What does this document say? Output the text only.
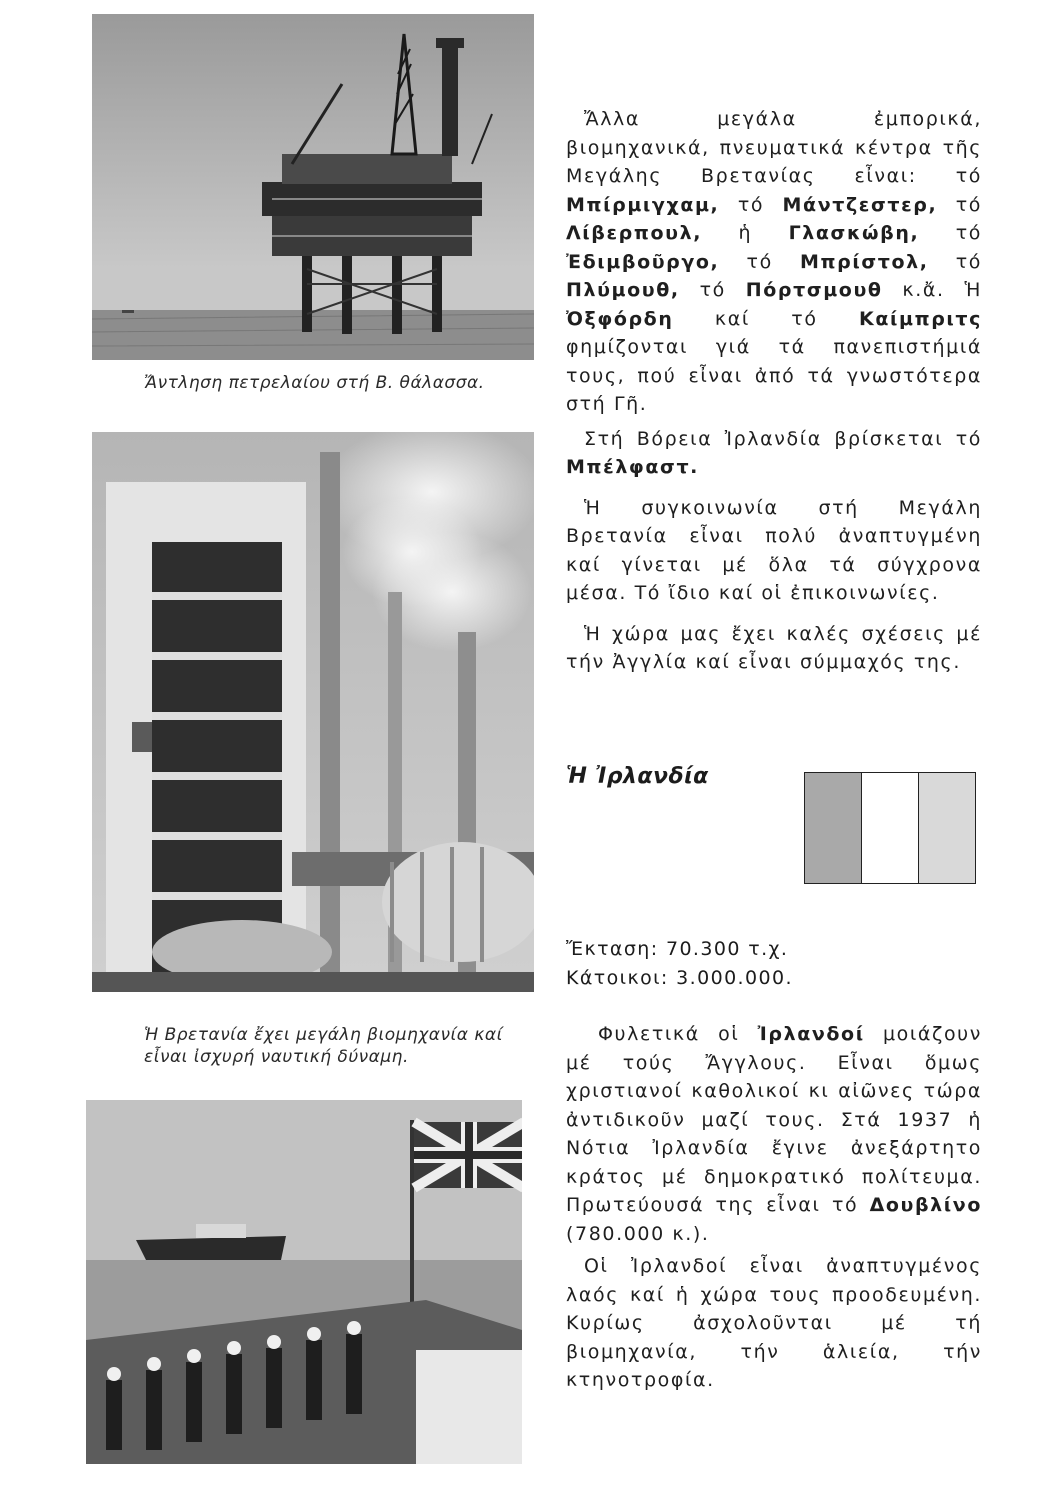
Ἄντληση πετρελαίου στή Β. θάλασσα.
Ἡ Βρετανία ἔχει μεγάλη βιομηχανία καί
εἶναι ἰσχυρή ναυτική δύναμη.

Ἄλλα μεγάλα ἐμπορικά, βιομηχανικά, πνευματικά κέντρα τῆς Μεγάλης Βρετανίας εἶναι: τό Μπίρμιγχαμ, τό Μάντζεστερ, τό Λίβερπουλ, ἡ Γλασκώβη, τό Ἐδιμβοῦργο, τό Μπρίστολ, τό Πλύμουθ, τό Πόρτσμουθ κ.ἄ. Ἡ Ὀξφόρδη καί τό Καίμπριτς φημίζονται γιά τά πανεπιστήμιά τους, πού εἶναι ἀπό τά γνωστότερα στή Γῆ.

Στή Βόρεια Ἰρλανδία βρίσκεται τό Μπέλφαστ.

Ἡ συγκοινωνία στή Μεγάλη Βρετανία εἶναι πολύ ἀναπτυγμένη καί γίνεται μέ ὅλα τά σύγχρονα μέσα. Τό ἴδιο καί οἱ ἐπικοινωνίες.

Ἡ χώρα μας ἔχει καλές σχέσεις μέ τήν Ἀγγλία καί εἶναι σύμμαχός της.

Ἡ Ἰρλανδία
Ἔκταση: 70.300 τ.χ.
Κάτοικοι: 3.000.000.

Φυλετικά οἱ Ἰρλανδοί μοιάζουν μέ τούς Ἄγγλους. Εἶναι ὅμως χριστιανοί καθολικοί κι αἰῶνες τώρα ἀντιδικοῦν μαζί τους. Στά 1937 ἡ Νότια Ἰρλανδία ἔγινε ἀνεξάρτητο κράτος μέ δημοκρατικό πολίτευμα. Πρωτεύουσά της εἶναι τό Δουβλίνο (780.000 κ.).

Οἱ Ἰρλανδοί εἶναι ἀναπτυγμένος λαός καί ἡ χώρα τους προοδευμένη. Κυρίως ἀσχολοῦνται μέ τή βιομηχανία, τήν ἁλιεία, τήν κτηνοτροφία.
